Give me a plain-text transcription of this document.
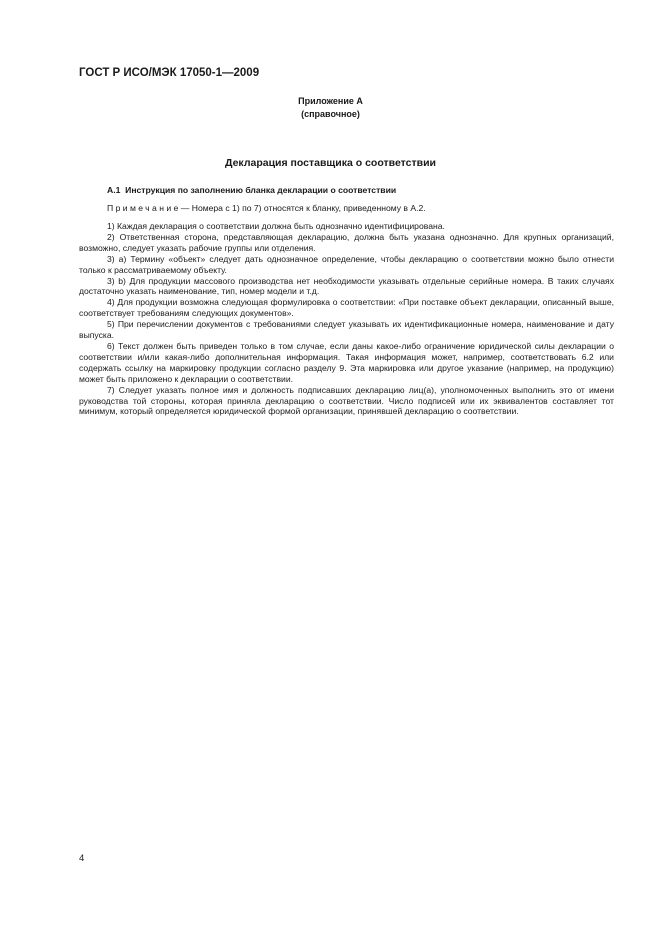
ГОСТ Р ИСО/МЭК 17050-1—2009
Приложение А
(справочное)
Декларация поставщика о соответствии
А.1 Инструкция по заполнению бланка декларации о соответствии
Примечание— Номера с 1) по 7) относятся к бланку, приведенному в А.2.

1) Каждая декларация о соответствии должна быть однозначно идентифицирована.

2) Ответственная сторона, представляющая декларацию, должна быть указана однозначно. Для крупных организаций, возможно, следует указать рабочие группы или отделения.

3) а) Термину «объект» следует дать однозначное определение, чтобы декларацию о соответствии можно было отнести только к рассматриваемому объекту.

3) b) Для продукции массового производства нет необходимости указывать отдельные серийные номера. В таких случаях достаточно указать наименование, тип, номер модели и т.д.

4) Для продукции возможна следующая формулировка о соответствии: «При поставке объект декларации, описанный выше, соответствует требованиям следующих документов».

5) При перечислении документов с требованиями следует указывать их идентификационные номера, наименование и дату выпуска.

6) Текст должен быть приведен только в том случае, если даны какое-либо ограничение юридической силы декларации о соответствии и/или какая-либо дополнительная информация. Такая информация может, например, соответствовать 6.2 или содержать ссылку на маркировку продукции согласно разделу 9. Эта маркировка или другое указание (например, на продукцию) может быть приложено к декларации о соответствии.

7) Следует указать полное имя и должность подписавших декларацию лиц(а), уполномоченных выполнить это от имени руководства той стороны, которая приняла декларацию о соответствии. Число подписей или их эквивалентов составляет тот минимум, который определяется юридической формой организации, принявшей декларацию о соответствии.

4
